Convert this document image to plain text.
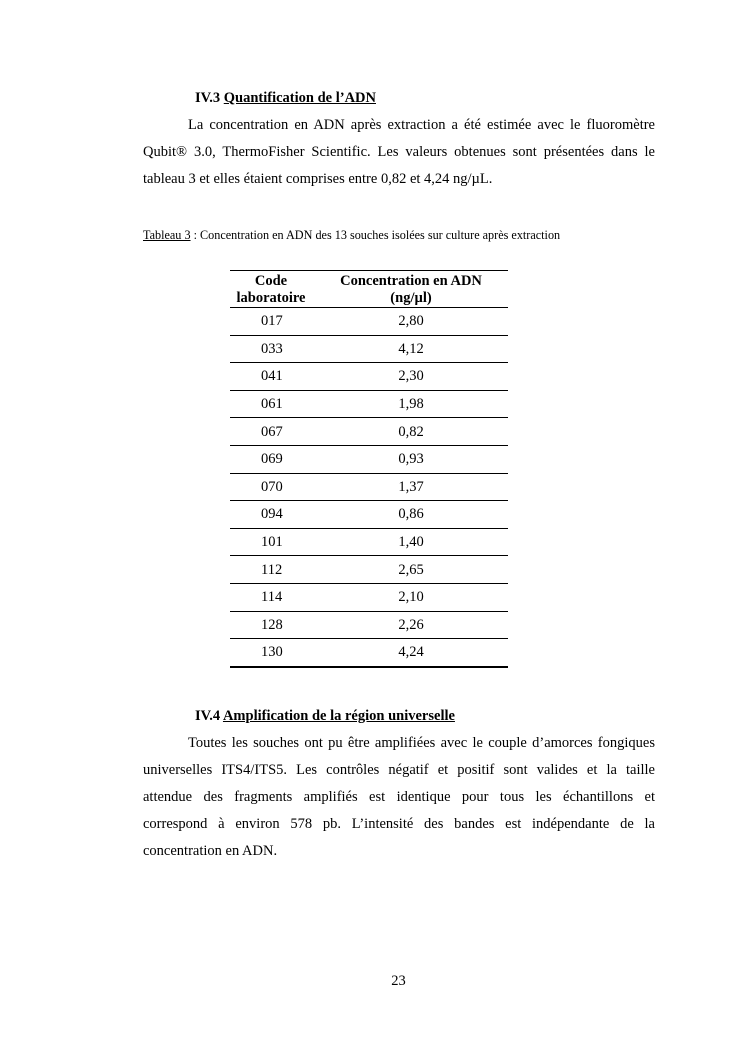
IV.3 Quantification de l’ADN
La concentration en ADN après extraction a été estimée avec le fluoromètre
Qubit® 3.0, ThermoFisher Scientific. Les valeurs obtenues sont présentées dans le
tableau 3 et elles étaient comprises entre 0,82 et 4,24 ng/µL.
Tableau 3 : Concentration en ADN des 13 souches isolées sur culture après extraction
Code laboratoire	Concentration en ADN (ng/µl)
017	2,80
033	4,12
041	2,30
061	1,98
067	0,82
069	0,93
070	1,37
094	0,86
101	1,40
112	2,65
114	2,10
128	2,26
130	4,24
IV.4 Amplification de la région universelle
Toutes les souches ont pu être amplifiées avec le couple d’amorces fongiques
universelles ITS4/ITS5. Les contrôles négatif et positif sont valides et la taille
attendue des fragments amplifiés est identique pour tous les échantillons et
correspond à environ 578 pb. L’intensité des bandes est indépendante de la
concentration en ADN.
23
